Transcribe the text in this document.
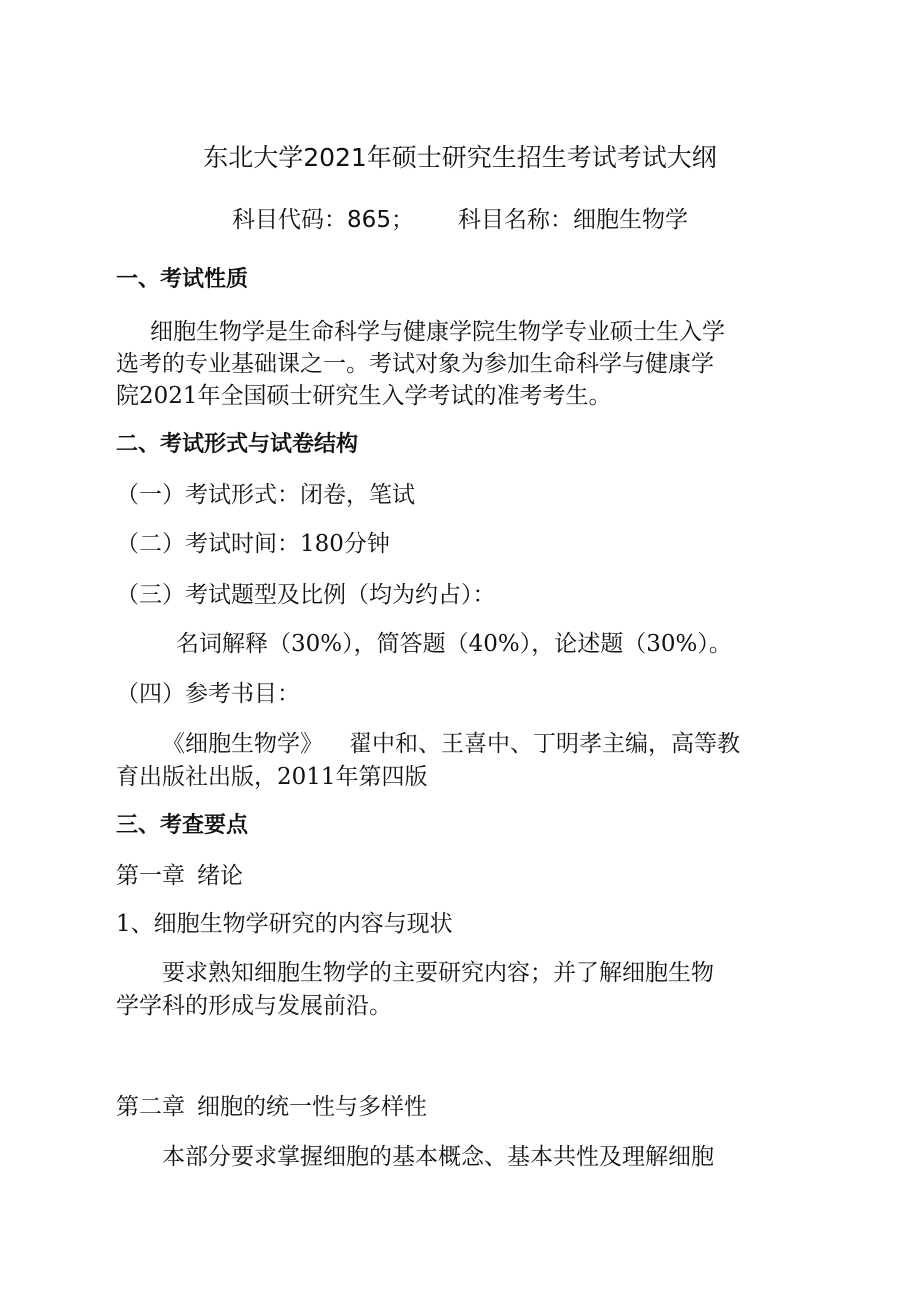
东北大学2021年硕士研究生招生考试考试大纲
科目代码：865； 科目名称：细胞生物学
一、考试性质
细胞生物学是生命科学与健康学院生物学专业硕士生入学
选考的专业基础课之一。考试对象为参加生命科学与健康学
院2021年全国硕士研究生入学考试的准考考生。
二、考试形式与试卷结构
（一）考试形式：闭卷，笔试
（二）考试时间：180分钟
（三）考试题型及比例（均为约占）：
名词解释（30%），简答题（40%），论述题（30%）。
（四）参考书目：
《细胞生物学》 翟中和、王喜中、丁明孝主编，高等教
育出版社出版，2011年第四版
三、考查要点
第一章 绪论
1、细胞生物学研究的内容与现状
要求熟知细胞生物学的主要研究内容；并了解细胞生物
学学科的形成与发展前沿。
第二章 细胞的统一性与多样性
本部分要求掌握细胞的基本概念、基本共性及理解细胞
